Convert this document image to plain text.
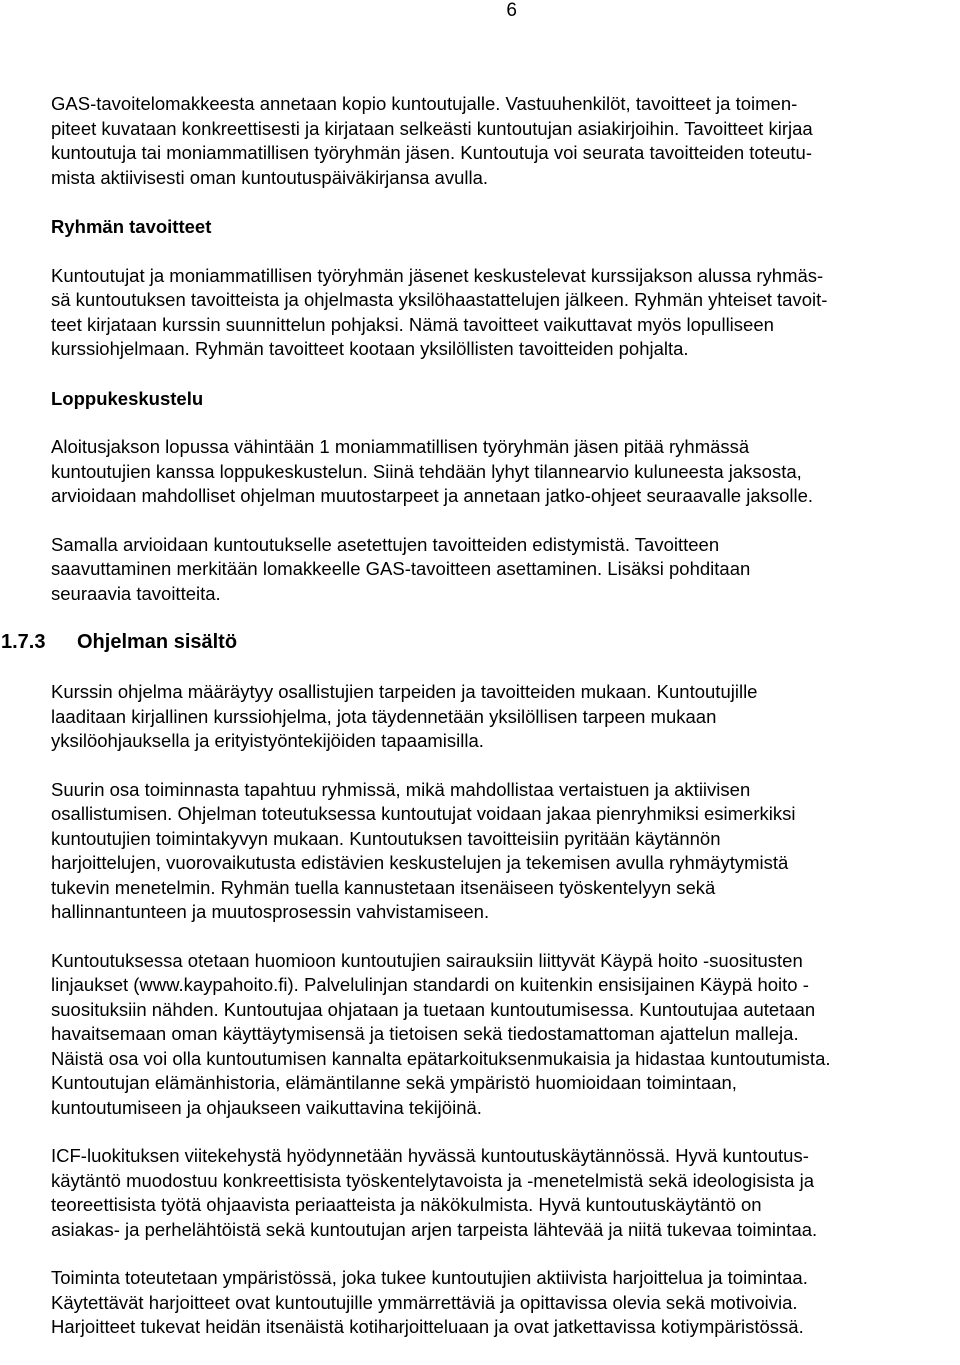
6

GAS-tavoitelomakkeesta annetaan kopio kuntoutujalle. Vastuuhenkilöt, tavoitteet ja toimen-
piteet kuvataan konkreettisesti ja kirjataan selkeästi kuntoutujan asiakirjoihin. Tavoitteet kirjaa
kuntoutuja tai moniammatillisen työryhmän jäsen. Kuntoutuja voi seurata tavoitteiden toteutu-
mista aktiivisesti oman kuntoutuspäiväkirjansa avulla.

Ryhmän tavoitteet

Kuntoutujat ja moniammatillisen työryhmän jäsenet keskustelevat kurssijakson alussa ryhmäs-
sä kuntoutuksen tavoitteista ja ohjelmasta yksilöhaastattelujen jälkeen. Ryhmän yhteiset tavoit-
teet kirjataan kurssin suunnittelun pohjaksi. Nämä tavoitteet vaikuttavat myös lopulliseen
kurssiohjelmaan. Ryhmän tavoitteet kootaan yksilöllisten tavoitteiden pohjalta.

Loppukeskustelu

Aloitusjakson lopussa vähintään 1 moniammatillisen työryhmän jäsen pitää ryhmässä
kuntoutujien kanssa loppukeskustelun. Siinä tehdään lyhyt tilannearvio kuluneesta jaksosta,
arvioidaan mahdolliset ohjelman muutostarpeet ja annetaan jatko-ohjeet seuraavalle jaksolle.

Samalla arvioidaan kuntoutukselle asetettujen tavoitteiden edistymistä. Tavoitteen
saavuttaminen merkitään lomakkeelle GAS-tavoitteen asettaminen. Lisäksi pohditaan
seuraavia tavoitteita.

1.7.3 Ohjelman sisältö

Kurssin ohjelma määräytyy osallistujien tarpeiden ja tavoitteiden mukaan. Kuntoutujille
laaditaan kirjallinen kurssiohjelma, jota täydennetään yksilöllisen tarpeen mukaan
yksilöohjauksella ja erityistyöntekijöiden tapaamisilla.

Suurin osa toiminnasta tapahtuu ryhmissä, mikä mahdollistaa vertaistuen ja aktiivisen
osallistumisen. Ohjelman toteutuksessa kuntoutujat voidaan jakaa pienryhmiksi esimerkiksi
kuntoutujien toimintakyvyn mukaan. Kuntoutuksen tavoitteisiin pyritään käytännön
harjoittelujen, vuorovaikutusta edistävien keskustelujen ja tekemisen avulla ryhmäytymistä
tukevin menetelmin. Ryhmän tuella kannustetaan itsenäiseen työskentelyyn sekä
hallinnantunteen ja muutosprosessin vahvistamiseen.

Kuntoutuksessa otetaan huomioon kuntoutujien sairauksiin liittyvät Käypä hoito -suositusten
linjaukset (www.kaypahoito.fi). Palvelulinjan standardi on kuitenkin ensisijainen Käypä hoito -
suosituksiin nähden. Kuntoutujaa ohjataan ja tuetaan kuntoutumisessa. Kuntoutujaa autetaan
havaitsemaan oman käyttäytymisensä ja tietoisen sekä tiedostamattoman ajattelun malleja.
Näistä osa voi olla kuntoutumisen kannalta epätarkoituksenmukaisia ja hidastaa kuntoutumista.
Kuntoutujan elämänhistoria, elämäntilanne sekä ympäristö huomioidaan toimintaan,
kuntoutumiseen ja ohjaukseen vaikuttavina tekijöinä.

ICF-luokituksen viitekehystä hyödynnetään hyvässä kuntoutuskäytännössä. Hyvä kuntoutus-
käytäntö muodostuu konkreettisista työskentelytavoista ja -menetelmistä sekä ideologisista ja
teoreettisista työtä ohjaavista periaatteista ja näkökulmista. Hyvä kuntoutuskäytäntö on
asiakas- ja perhelähtöistä sekä kuntoutujan arjen tarpeista lähtevää ja niitä tukevaa toimintaa.

Toiminta toteutetaan ympäristössä, joka tukee kuntoutujien aktiivista harjoittelua ja toimintaa.
Käytettävät harjoitteet ovat kuntoutujille ymmärrettäviä ja opittavissa olevia sekä motivoivia.
Harjoitteet tukevat heidän itsenäistä kotiharjoitteluaan ja ovat jatkettavissa kotiympäristössä.
